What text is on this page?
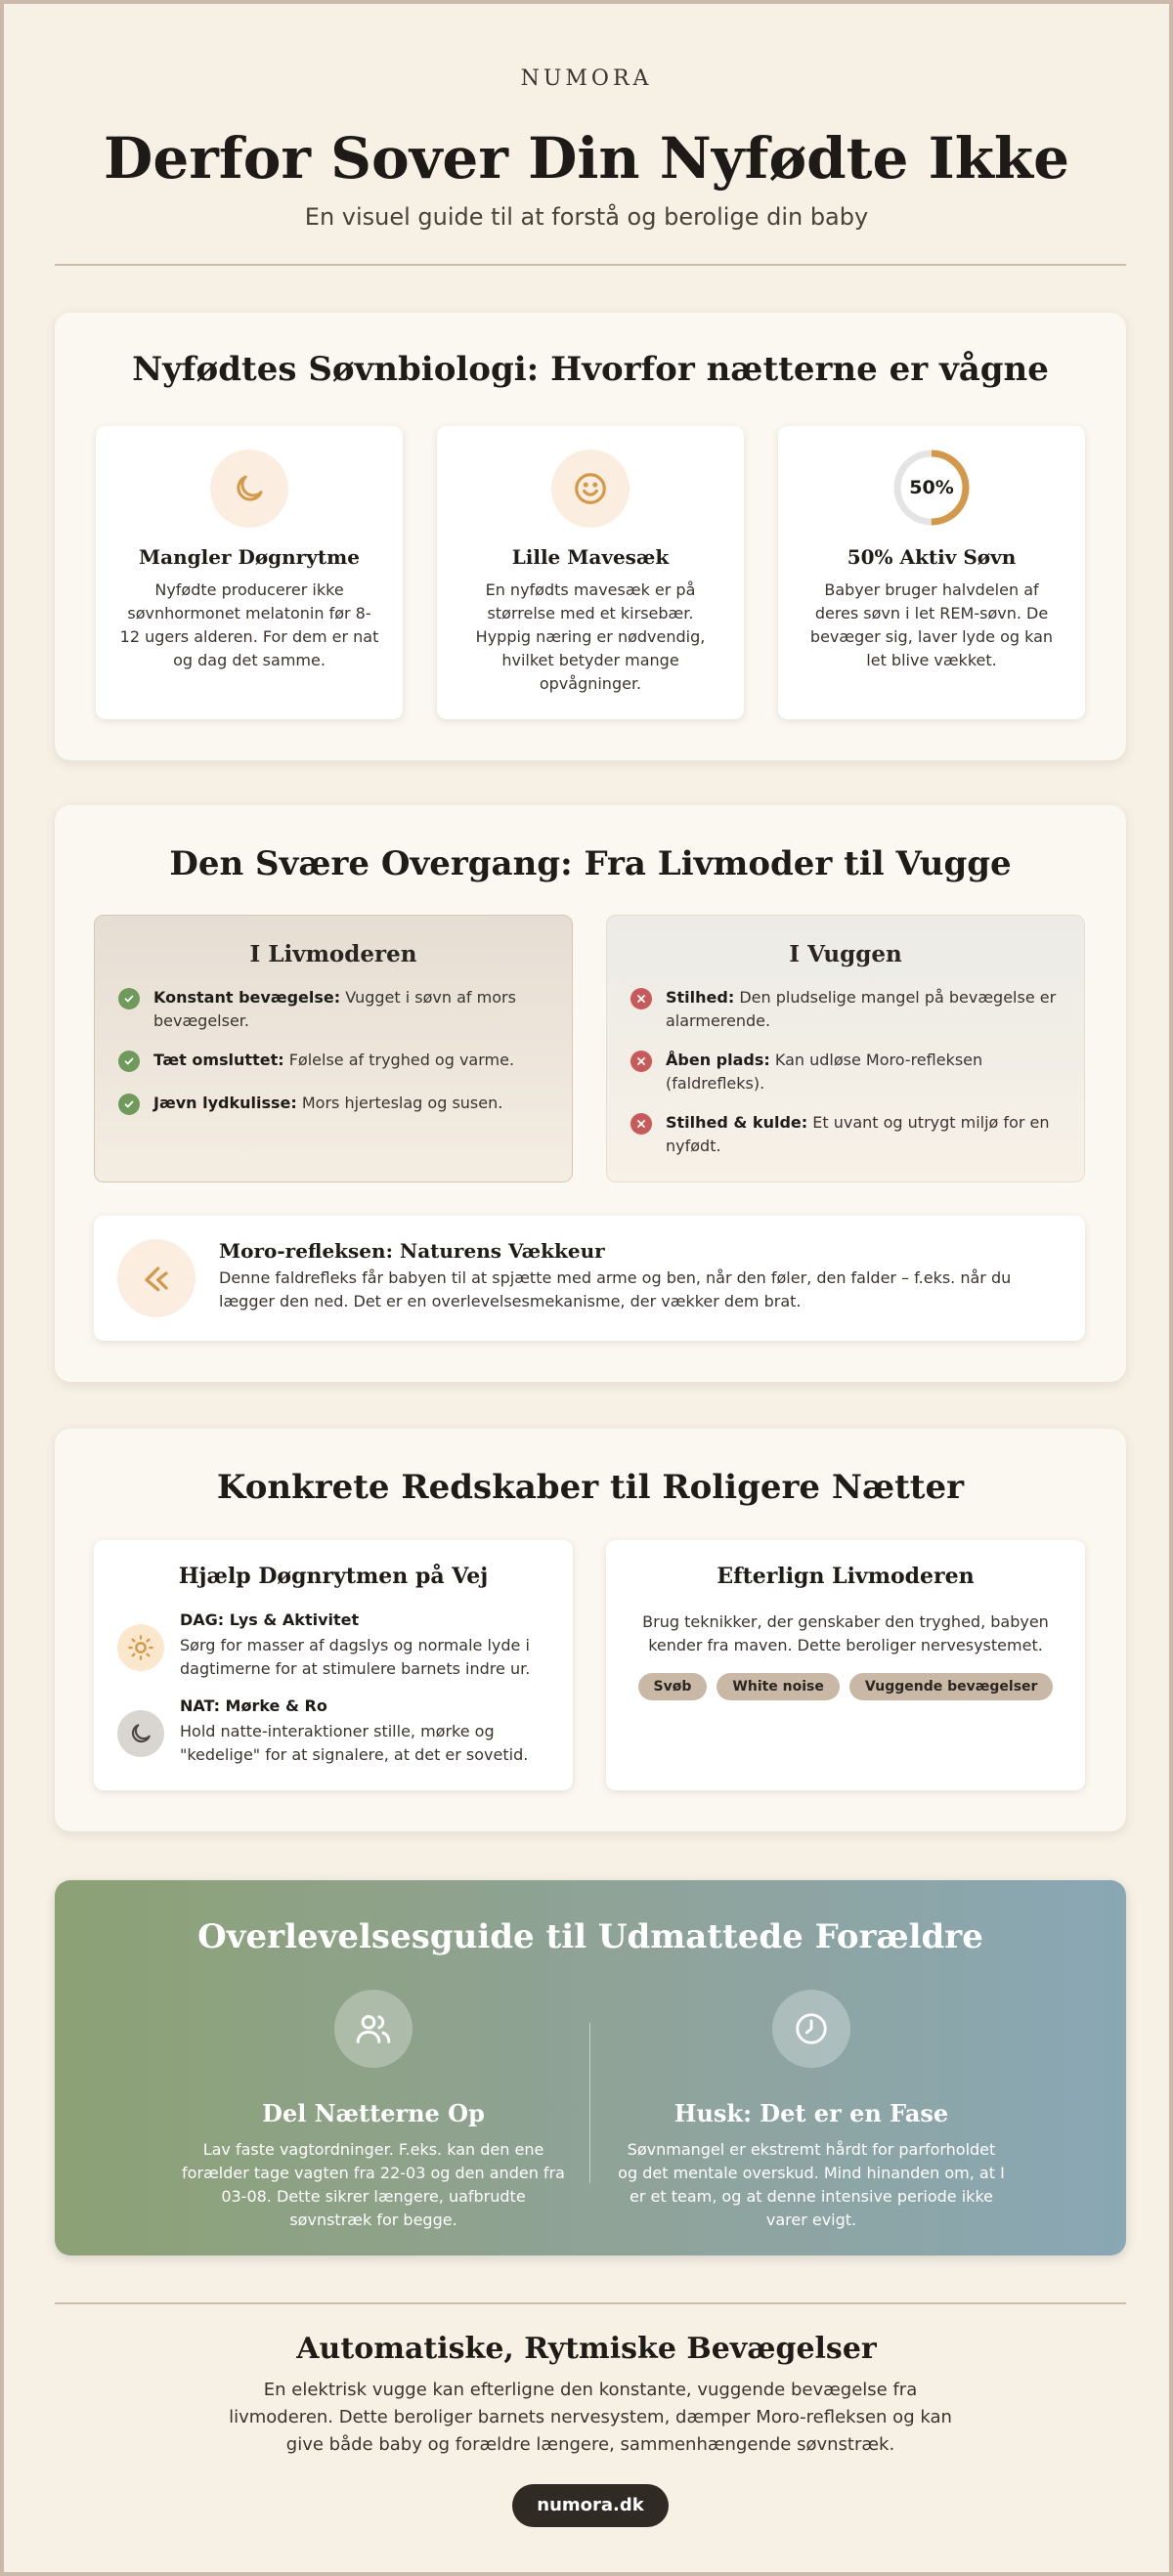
NUMORA
Derfor Sover Din Nyfødte Ikke
En visuel guide til at forstå og berolige din baby
Nyfødtes Søvnbiologi: Hvorfor nætterne er vågne
Mangler Døgnrytme
Nyfødte producerer ikke søvnhormonet melatonin før 8-12 ugers alderen. For dem er nat og dag det samme.
Lille Mavesæk
En nyfødts mavesæk er på størrelse med et kirsebær. Hyppig næring er nødvendig, hvilket betyder mange opvågninger.
50%
50% Aktiv Søvn
Babyer bruger halvdelen af deres søvn i let REM-søvn. De bevæger sig, laver lyde og kan let blive vækket.
Den Svære Overgang: Fra Livmoder til Vugge
I Livmoderen
Konstant bevægelse: Vugget i søvn af mors bevægelser.
Tæt omsluttet: Følelse af tryghed og varme.
Jævn lydkulisse: Mors hjerteslag og susen.
I Vuggen
Stilhed: Den pludselige mangel på bevægelse er alarmerende.
Åben plads: Kan udløse Moro-refleksen (faldrefleks).
Stilhed & kulde: Et uvant og utrygt miljø for en nyfødt.
Moro-refleksen: Naturens Vækkeur
Denne faldrefleks får babyen til at spjætte med arme og ben, når den føler, den falder – f.eks. når du lægger den ned. Det er en overlevelsesmekanisme, der vækker dem brat.
Konkrete Redskaber til Roligere Nætter
Hjælp Døgnrytmen på Vej
DAG: Lys & Aktivitet
Sørg for masser af dagslys og normale lyde i dagtimerne for at stimulere barnets indre ur.
NAT: Mørke & Ro
Hold natte-interaktioner stille, mørke og "kedelige" for at signalere, at det er sovetid.
Efterlign Livmoderen
Brug teknikker, der genskaber den tryghed, babyen kender fra maven. Dette beroliger nervesystemet.
Svøb	White noise	Vuggende bevægelser
Overlevelsesguide til Udmattede Forældre
Del Nætterne Op
Lav faste vagtordninger. F.eks. kan den ene forælder tage vagten fra 22-03 og den anden fra 03-08. Dette sikrer længere, uafbrudte søvnstræk for begge.
Husk: Det er en Fase
Søvnmangel er ekstremt hårdt for parforholdet og det mentale overskud. Mind hinanden om, at I er et team, og at denne intensive periode ikke varer evigt.
Automatiske, Rytmiske Bevægelser

En elektrisk vugge kan efterligne den konstante, vuggende bevægelse fra livmoderen. Dette beroliger barnets nervesystem, dæmper Moro-refleksen og kan give både baby og forældre længere, sammenhængende søvnstræk.

numora.dk
